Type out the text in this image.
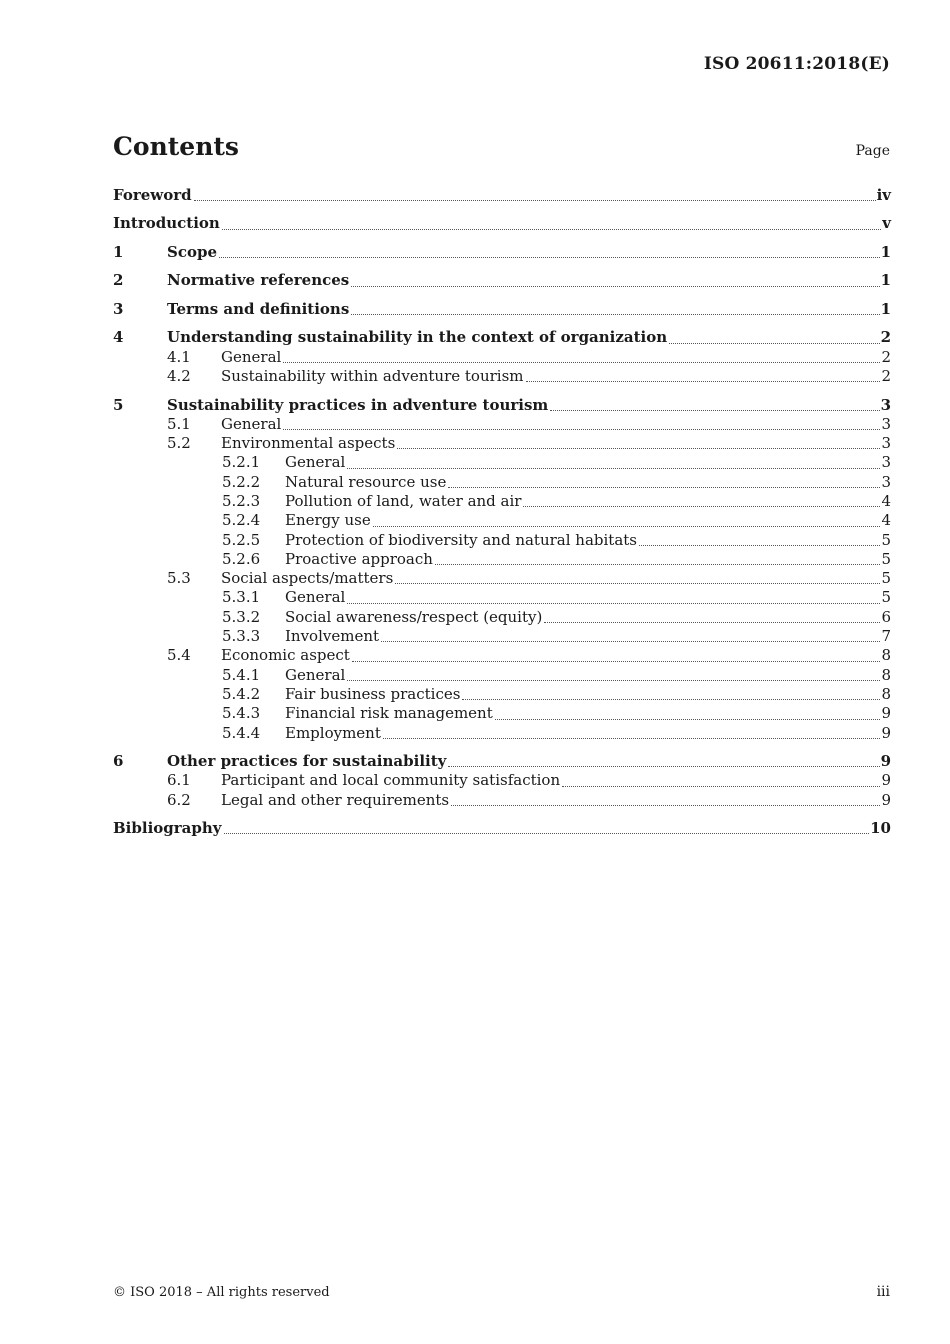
ISO 20611:2018(E)
Contents	Page
Foreword	iv
Introduction	v
1	Scope	1
2	Normative references	1
3	Terms and definitions	1
4	Understanding sustainability in the context of organization	2
4.1	General	2
4.2	Sustainability within adventure tourism	2
5	Sustainability practices in adventure tourism	3
5.1	General	3
5.2	Environmental aspects	3
5.2.1	General	3
5.2.2	Natural resource use	3
5.2.3	Pollution of land, water and air	4
5.2.4	Energy use	4
5.2.5	Protection of biodiversity and natural habitats	5
5.2.6	Proactive approach	5
5.3	Social aspects/matters	5
5.3.1	General	5
5.3.2	Social awareness/respect (equity)	6
5.3.3	Involvement	7
5.4	Economic aspect	8
5.4.1	General	8
5.4.2	Fair business practices	8
5.4.3	Financial risk management	9
5.4.4	Employment	9
6	Other practices for sustainability	9
6.1	Participant and local community satisfaction	9
6.2	Legal and other requirements	9
Bibliography	10
© ISO 2018 – All rights reserved	iii
